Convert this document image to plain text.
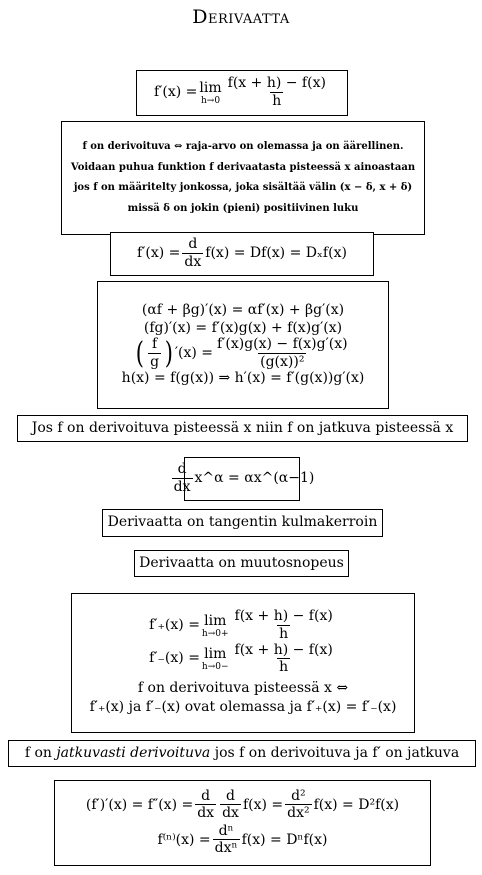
Derivaatta
f′(x) = lim
$h\to 0 \frac{f(x + h) - f(x)}{h}$
f on derivoituva ⇔ raja-arvo on olemassa ja on äärellinen.
Voidaan puhua funktion f derivaatasta pisteessä x ainoastaan
jos f on määritelty jonkossa, joka sisältää välin (x − δ, x + δ)
missä δ on jokin (pieni) positiivinen luku
$f'(x) = \frac{d}{dx} f(x) = Df(x) = D_xf(x)$
(αf + βg)′(x) = αf′(x) + βg′(x)
(fg)′(x) = f′(x)g(x) + f(x)g′(x)
( $\frac{f}{g}$ ) $'(x) = \frac{f'(x)g(x) - f(x)g'(x)}{\text{(g(x))²}}$
h(x) = f(g(x)) ⇒ h′(x) = f′(g(x))g′(x)
Jos f on derivoituva pisteessä x niin f on jatkuva pisteessä x
$\frac{d}{dx}$ x^α = αx^(α−1)
Derivaatta on tangentin kulmakerroin
Derivaatta on muutosnopeus
f′₊(x) = lim
$h\to 0+ \frac{f(x + h) - f(x)}{h}$
f′₋(x) = lim
$h\to 0- \frac{f(x + h) - f(x)}{h}$
f on derivoituva pisteessä x ⇔
f′₊(x) ja f′₋(x) ovat olemassa ja f′₊(x) = f′₋(x)
f on jatkuvasti derivoituva jos f on derivoituva ja f′ on jatkuva
$(f')'(x) = f''(x) = \frac{d}{dx} \frac{d}{dx} f(x) = \frac{\text{d²}}{\text{dx²}} f(x) = D^2f(x)$
$f^{(n)}(x) = \frac{\text{dⁿ}}{\text{dxⁿ}} f(x) = D^nf(x)$
